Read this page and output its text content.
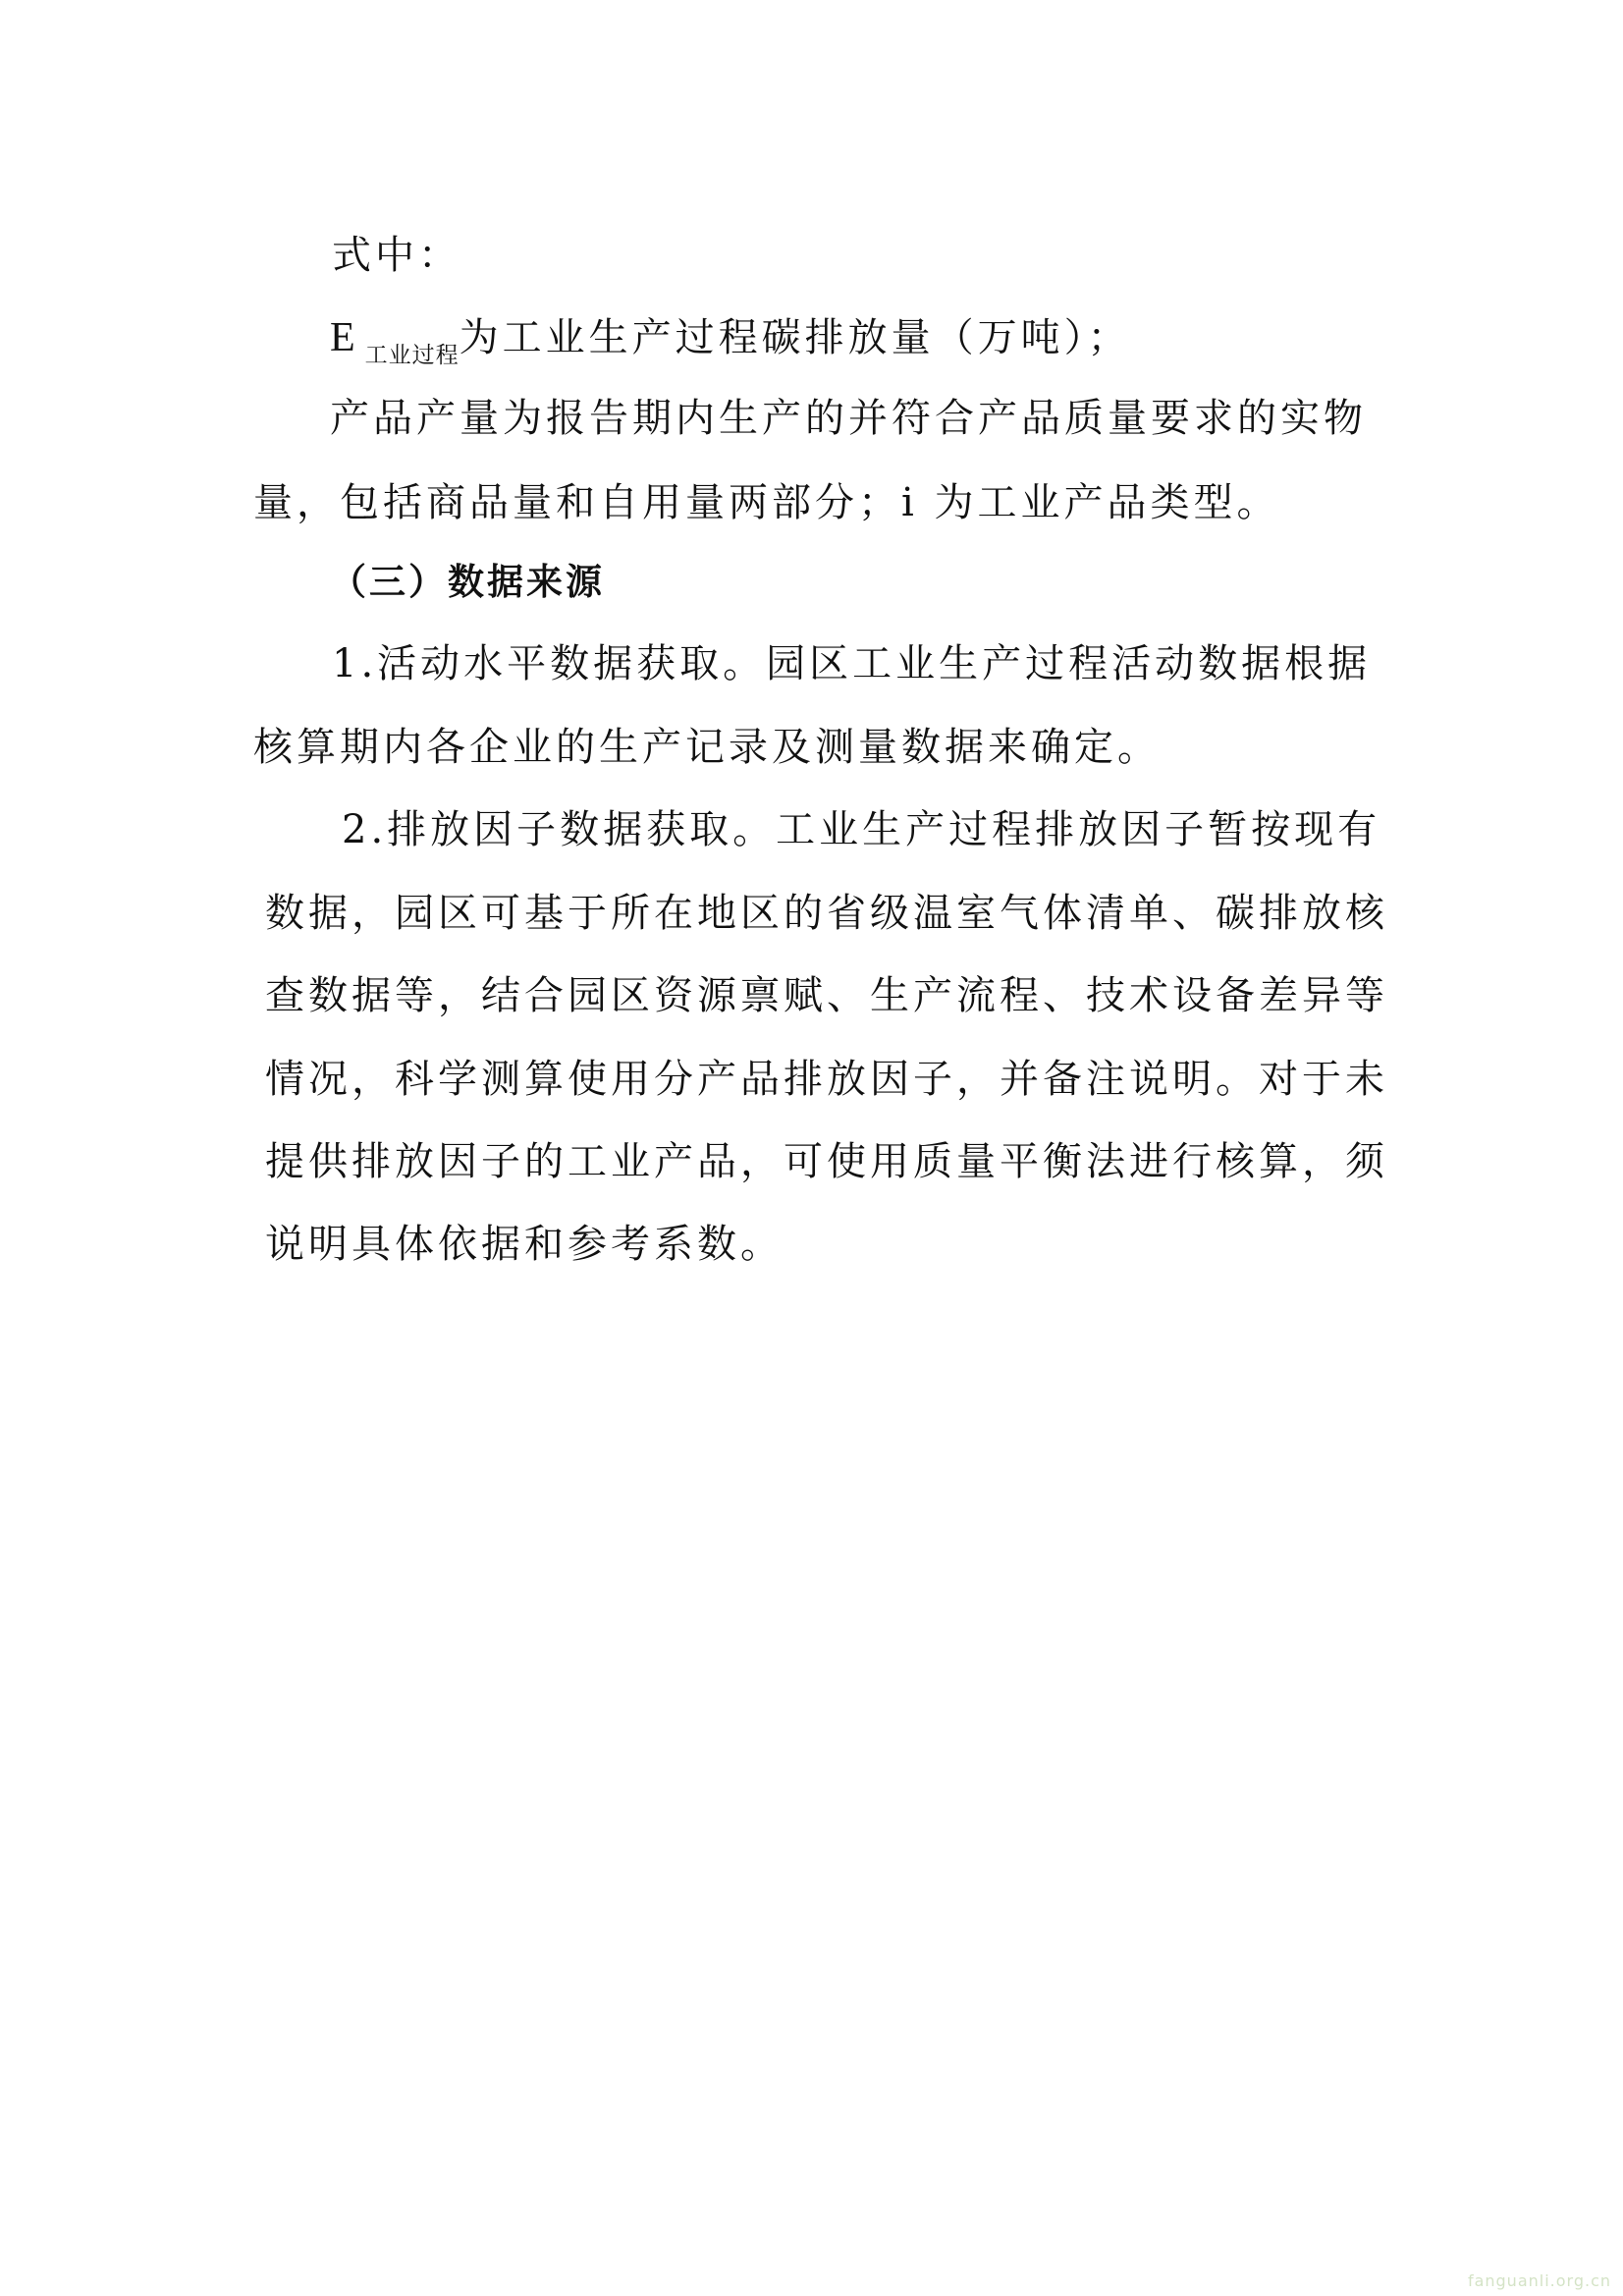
式中：
E $_{工业过程}$为工业生产过程碳排放量（万吨）；
产品产量为报告期内生产的并符合产品质量要求的实物
量，包括商品量和自用量两部分；i 为工业产品类型。
（三）数据来源
1.活动水平数据获取。园区工业生产过程活动数据根据
核算期内各企业的生产记录及测量数据来确定。
2.排放因子数据获取。工业生产过程排放因子暂按现有
数据，园区可基于所在地区的省级温室气体清单、碳排放核
查数据等，结合园区资源禀赋、生产流程、技术设备差异等
情况，科学测算使用分产品排放因子，并备注说明。对于未
提供排放因子的工业产品，可使用质量平衡法进行核算，须
说明具体依据和参考系数。
fanguanli.org.cn
